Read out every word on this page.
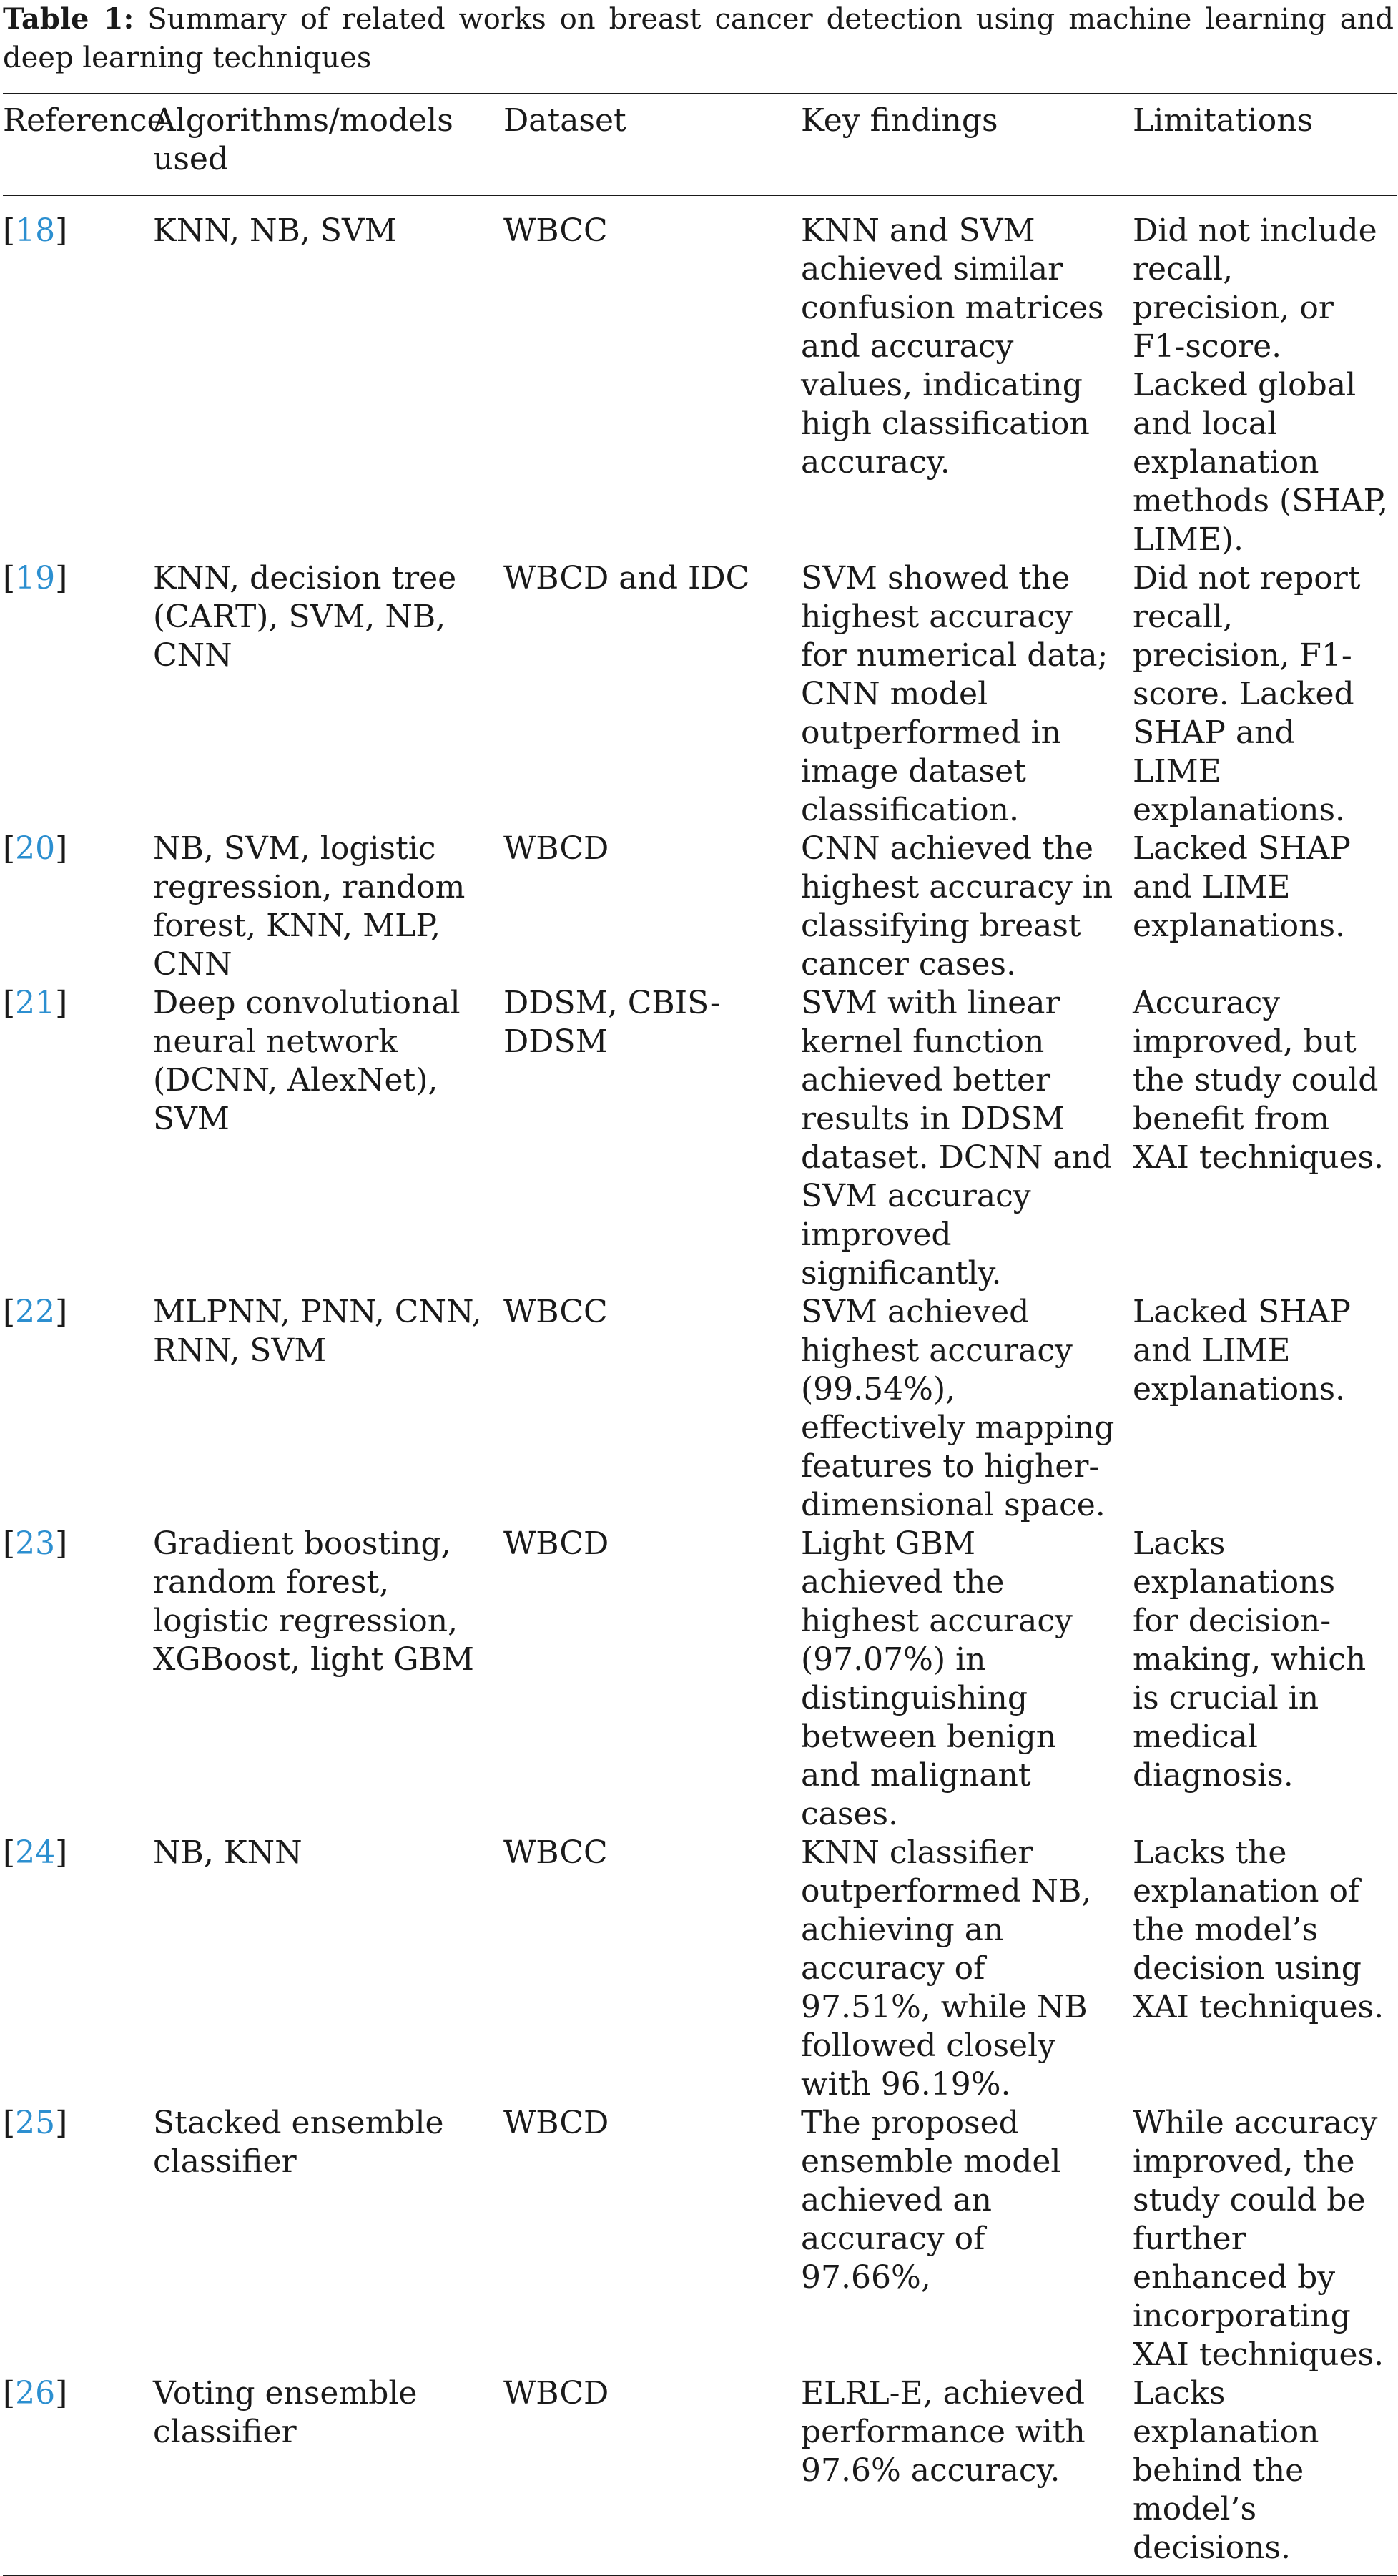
Table 1: Summary of related works on breast cancer detection using machine learning and deep learning techniques

Reference	Algorithms/models used	Dataset	Key findings	Limitations
[18]	KNN, NB, SVM	WBCC	KNN and SVM achieved similar confusion matrices and accuracy values, indicating high classification accuracy.	Did not include recall, precision, or F1-score. Lacked global and local explanation methods (SHAP, LIME).

[19]	KNN, decision tree (CART), SVM, NB, CNN	WBCD and IDC	SVM showed the highest accuracy for numerical data; CNN model outperformed in image dataset classification.	Did not report recall, precision, F1-score. Lacked SHAP and LIME explanations.

[20]	NB, SVM, logistic regression, random forest, KNN, MLP, CNN	WBCD	CNN achieved the highest accuracy in classifying breast cancer cases.	Lacked SHAP and LIME explanations.

[21]	Deep convolutional neural network (DCNN, AlexNet), SVM	DDSM, CBIS-DDSM	SVM with linear kernel function achieved better results in DDSM dataset. DCNN and SVM accuracy improved significantly.	Accuracy improved, but the study could benefit from XAI techniques.

[22]	MLPNN, PNN, CNN, RNN, SVM	WBCC	SVM achieved highest accuracy (99.54%), effectively mapping features to higher-dimensional space.	Lacked SHAP and LIME explanations.

[23]	Gradient boosting, random forest, logistic regression, XGBoost, light GBM	WBCD	Light GBM achieved the highest accuracy (97.07%) in distinguishing between benign and malignant cases.	Lacks explanations for decision-making, which is crucial in medical diagnosis.

[24]	NB, KNN	WBCC	KNN classifier outperformed NB, achieving an accuracy of 97.51%, while NB followed closely with 96.19%.	Lacks the explanation of the model’s decision using XAI techniques.

[25]	Stacked ensemble classifier	WBCD	The proposed ensemble model achieved an accuracy of 97.66%,	While accuracy improved, the study could be further enhanced by incorporating XAI techniques.

[26]	Voting ensemble classifier	WBCD	ELRL-E, achieved performance with 97.6% accuracy.	Lacks explanation behind the model’s decisions.
